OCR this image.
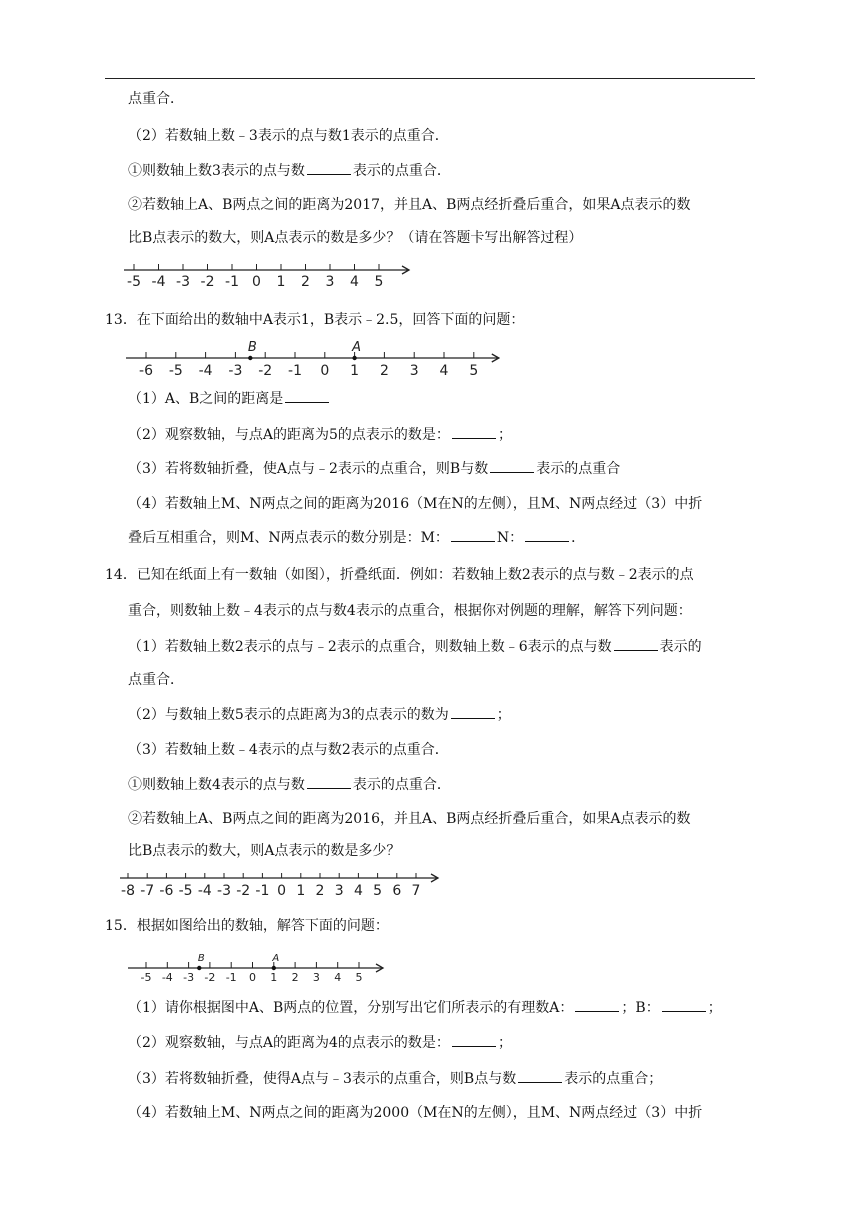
点重合．
（2）若数轴上数﹣3表示的点与数1表示的点重合．
①则数轴上数3表示的点与数	表示的点重合．
②若数轴上A、B两点之间的距离为2017，并且A、B两点经折叠后重合，如果A点表示的数
比B点表示的数大，则A点表示的数是多少？（请在答题卡写出解答过程）
-5 -4 -3 -2 -1 0 1 2 3 4 5
13．在下面给出的数轴中A表示1，B表示﹣2.5，回答下面的问题：
-6 -5 -4 -3 -2 -1 0 1 2 3 4 5
A
B
（1）A、B之间的距离是
（2）观察数轴，与点A的距离为5的点表示的数是：	；
（3）若将数轴折叠，使A点与﹣2表示的点重合，则B与数	表示的点重合
（4）若数轴上M、N两点之间的距离为2016（M在N的左侧），且M、N两点经过（3）中折
叠后互相重合，则M、N两点表示的数分别是：M：	N：	．
14．已知在纸面上有一数轴（如图），折叠纸面．例如：若数轴上数2表示的点与数﹣2表示的点
重合，则数轴上数﹣4表示的点与数4表示的点重合，根据你对例题的理解，解答下列问题：
（1）若数轴上数2表示的点与﹣2表示的点重合，则数轴上数﹣6表示的点与数	表示的
点重合．
（2）与数轴上数5表示的点距离为3的点表示的数为	；
（3）若数轴上数﹣4表示的点与数2表示的点重合．
①则数轴上数4表示的点与数	表示的点重合．
②若数轴上A、B两点之间的距离为2016，并且A、B两点经折叠后重合，如果A点表示的数
比B点表示的数大，则A点表示的数是多少？
-8 -7 -6 -5 -4 -3 -2 -1 0 1 2 3 4 5 6 7
15．根据如图给出的数轴，解答下面的问题：
-5 -4 -3 -2 -1 0 1 2 3 4 5
A
B
（1）请你根据图中A、B两点的位置，分别写出它们所表示的有理数A：	；B：	；
（2）观察数轴，与点A的距离为4的点表示的数是：	；
（3）若将数轴折叠，使得A点与﹣3表示的点重合，则B点与数	表示的点重合；
（4）若数轴上M、N两点之间的距离为2000（M在N的左侧），且M、N两点经过（3）中折
